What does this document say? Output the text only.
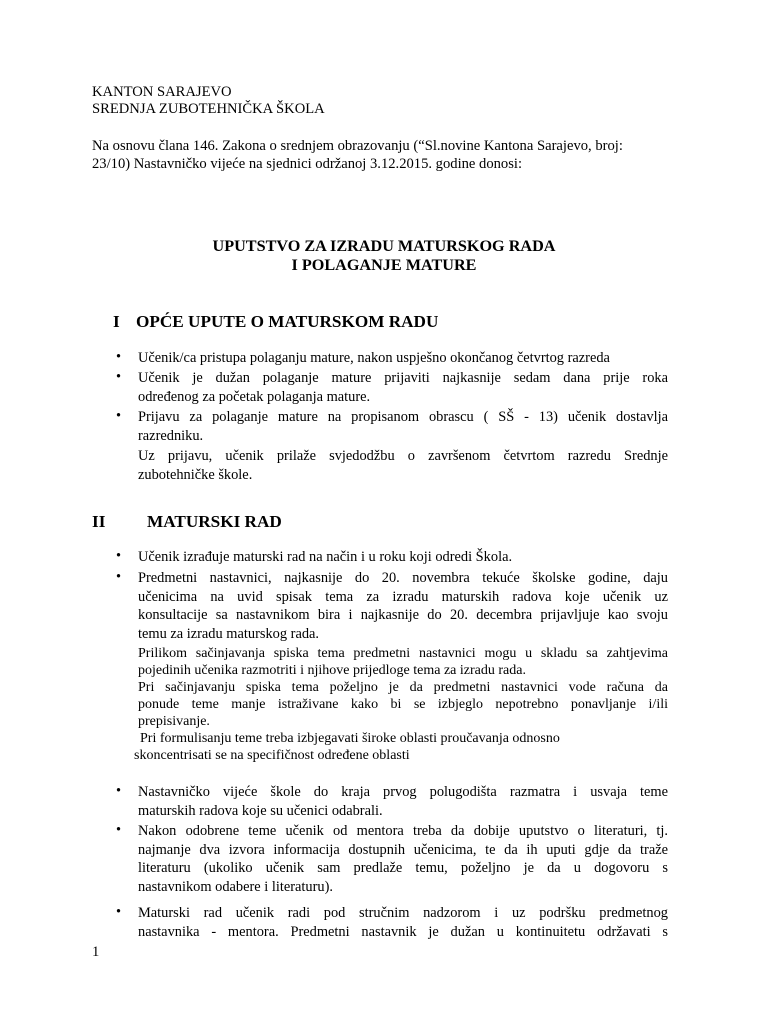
KANTON SARAJEVO
SREDNJA ZUBOTEHNIČKA ŠKOLA
Na osnovu člana 146. Zakona o srednjem obrazovanju (“Sl.novine Kantona Sarajevo, broj:
23/10) Nastavničko vijeće na sjednici održanoj 3.12.2015. godine donosi:
UPUTSTVO ZA IZRADU MATURSKOG RADA
I POLAGANJE MATURE
I OPĆE UPUTE O MATURSKOM RADU
• Učenik/ca pristupa polaganju mature, nakon uspješno okončanog četvrtog razreda
• Učenik je dužan polaganje mature prijaviti najkasnije sedam dana prije roka
određenog za početak polaganja mature.
• Prijavu za polaganje mature na propisanom obrascu ( SŠ - 13) učenik dostavlja
razredniku.
Uz prijavu, učenik prilaže svjedodžbu o završenom četvrtom razredu Srednje
zubotehničke škole.
II MATURSKI RAD
• Učenik izrađuje maturski rad na način i u roku koji odredi Škola.
• Predmetni nastavnici, najkasnije do 20. novembra tekuće školske godine, daju
učenicima na uvid spisak tema za izradu maturskih radova koje učenik uz
konsultacije sa nastavnikom bira i najkasnije do 20. decembra prijavljuje kao svoju
temu za izradu maturskog rada.
Prilikom sačinjavanja spiska tema predmetni nastavnici mogu u skladu sa zahtjevima
pojedinih učenika razmotriti i njihove prijedloge tema za izradu rada.
Pri sačinjavanju spiska tema poželjno je da predmetni nastavnici vode računa da
ponude teme manje istraživane kako bi se izbjeglo nepotrebno ponavljanje i/ili
prepisivanje.
Pri formulisanju teme treba izbjegavati široke oblasti proučavanja odnosno
skoncentrisati se na specifičnost određene oblasti
• Nastavničko vijeće škole do kraja prvog polugodišta razmatra i usvaja teme
maturskih radova koje su učenici odabrali.
• Nakon odobrene teme učenik od mentora treba da dobije uputstvo o literaturi, tj.
najmanje dva izvora informacija dostupnih učenicima, te da ih uputi gdje da traže
literaturu (ukoliko učenik sam predlaže temu, poželjno je da u dogovoru s
nastavnikom odabere i literaturu).
• Maturski rad učenik radi pod stručnim nadzorom i uz podršku predmetnog
nastavnika - mentora. Predmetni nastavnik je dužan u kontinuitetu održavati s
1
